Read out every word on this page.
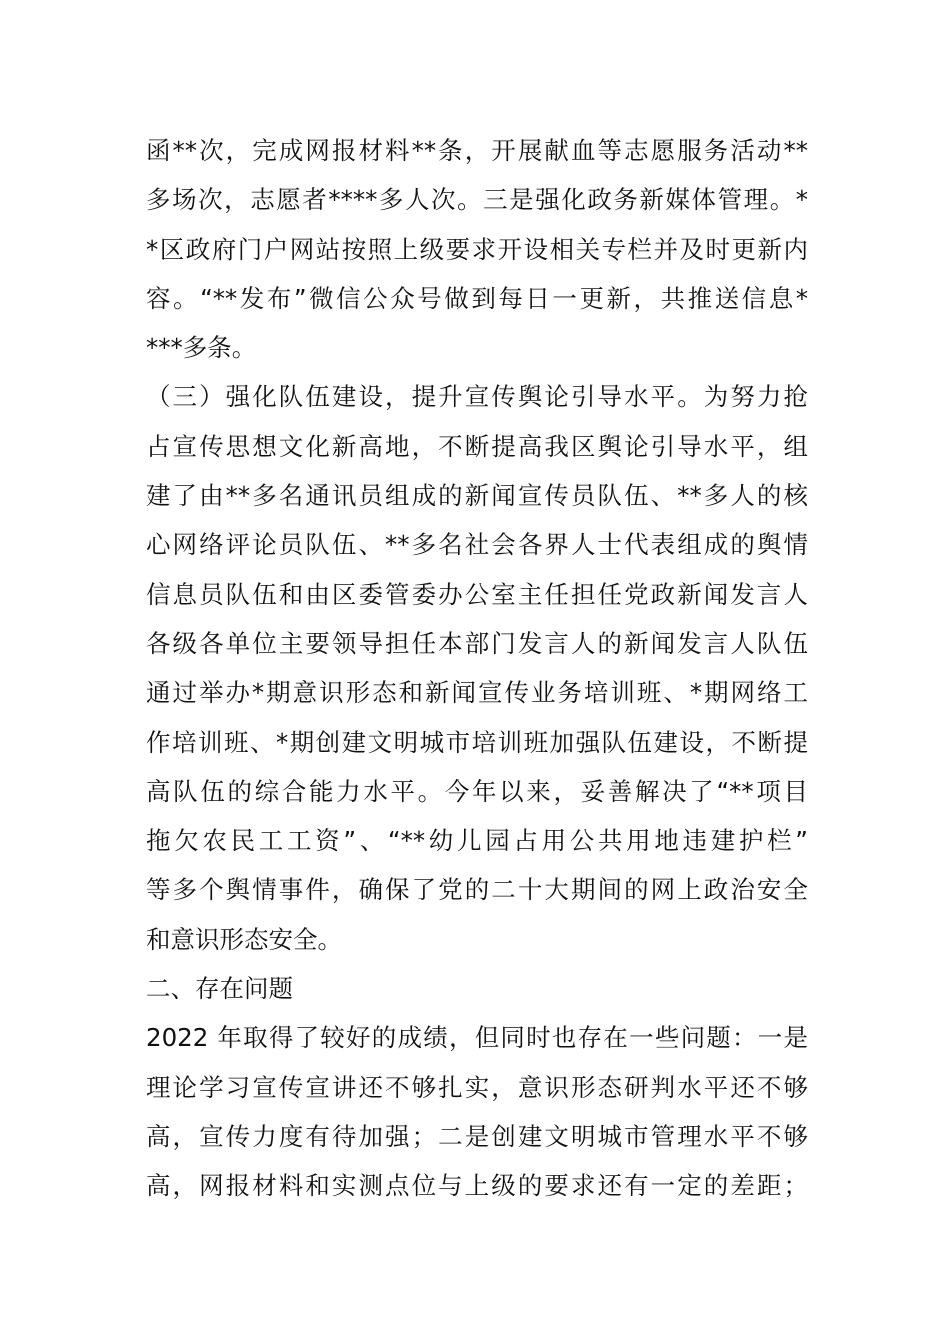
函**次，完成网报材料**条，开展献血等志愿服务活动**
多场次，志愿者****多人次。三是强化政务新媒体管理。*
*区政府门户网站按照上级要求开设相关专栏并及时更新内
容。“**发布”微信公众号做到每日一更新，共推送信息*
***多条。
（三）强化队伍建设，提升宣传舆论引导水平。为努力抢
占宣传思想文化新高地，不断提高我区舆论引导水平，组
建了由**多名通讯员组成的新闻宣传员队伍、**多人的核
心网络评论员队伍、**多名社会各界人士代表组成的舆情
信息员队伍和由区委管委办公室主任担任党政新闻发言人
各级各单位主要领导担任本部门发言人的新闻发言人队伍
通过举办*期意识形态和新闻宣传业务培训班、*期网络工
作培训班、*期创建文明城市培训班加强队伍建设，不断提
高队伍的综合能力水平。今年以来，妥善解决了“**项目
拖欠农民工工资”、“**幼儿园占用公共用地违建护栏”
等多个舆情事件，确保了党的二十大期间的网上政治安全
和意识形态安全。
二、存在问题
2022 年取得了较好的成绩，但同时也存在一些问题：一是
理论学习宣传宣讲还不够扎实，意识形态研判水平还不够
高，宣传力度有待加强；二是创建文明城市管理水平不够
高，网报材料和实测点位与上级的要求还有一定的差距；
